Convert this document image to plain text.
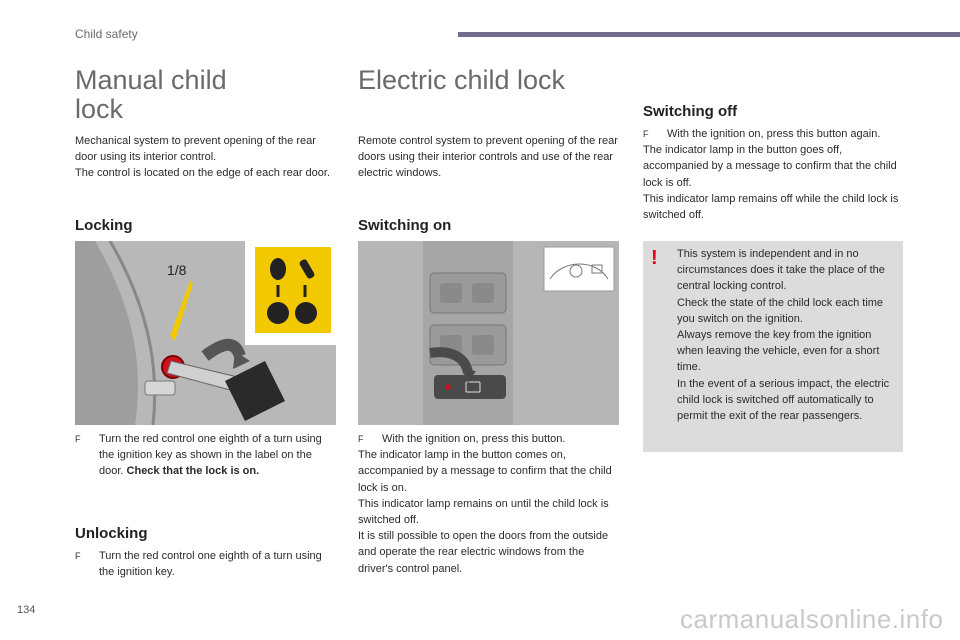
Child safety
Manual child
lock
Mechanical system to prevent opening of the rear door using its interior control.
The control is located on the edge of each rear door.
Locking
1/8
F	Turn the red control one eighth of a turn using the ignition key as shown in the label on the door. Check that the lock is on.
Unlocking
F	Turn the red control one eighth of a turn using the ignition key.
Electric child lock
Remote control system to prevent opening of the rear doors using their interior controls and use of the rear electric windows.
Switching on
F	With the ignition on, press this button.
The indicator lamp in the button comes on, accompanied by a message to confirm that the child lock is on.
This indicator lamp remains on until the child lock is switched off.
It is still possible to open the doors from the outside and operate the rear electric windows from the driver's control panel.
Switching off
F	With the ignition on, press this button again.
The indicator lamp in the button goes off, accompanied by a message to confirm that the child lock is off.
This indicator lamp remains off while the child lock is switched off.
! This system is independent and in no circumstances does it take the place of the central locking control.
Check the state of the child lock each time you switch on the ignition.
Always remove the key from the ignition when leaving the vehicle, even for a short time.
In the event of a serious impact, the electric child lock is switched off automatically to permit the exit of the rear passengers.
134	carmanualsonline.info
